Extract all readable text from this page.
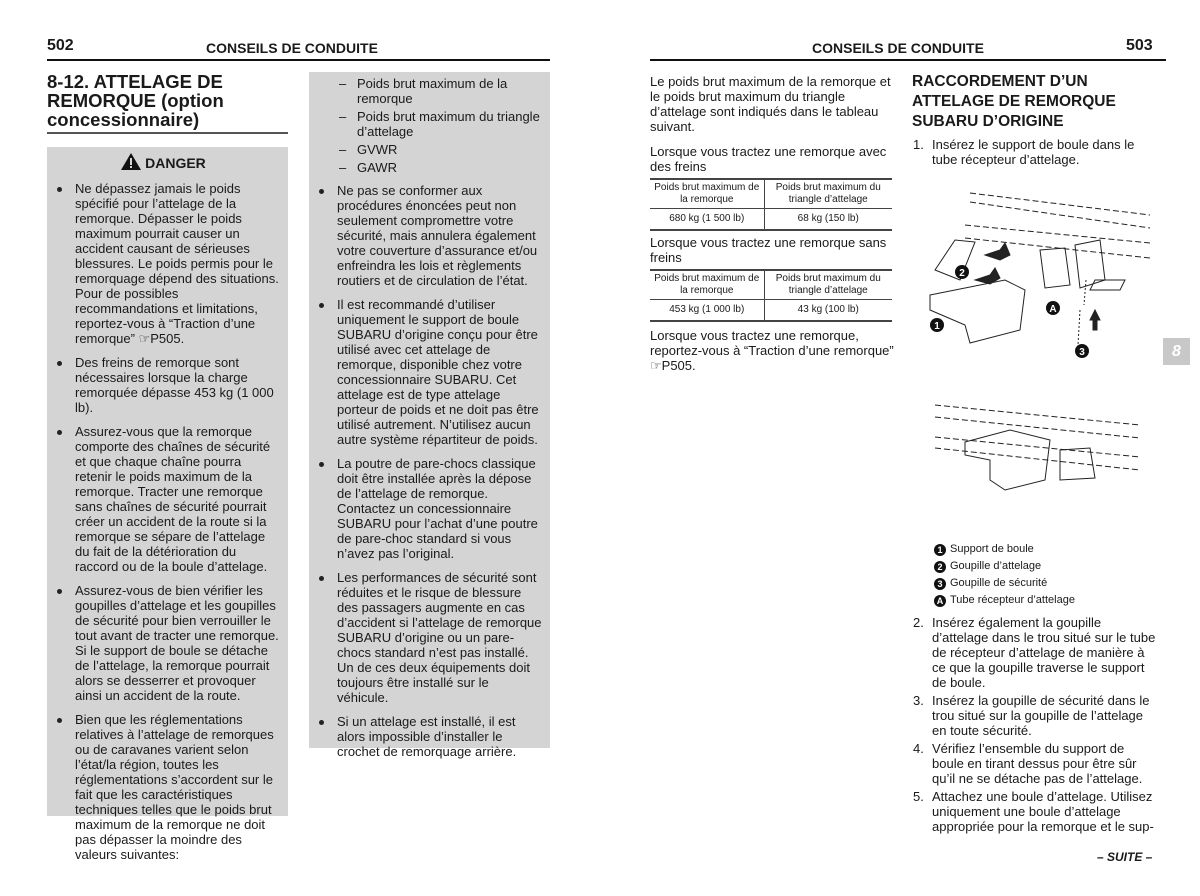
502	CONSEILS DE CONDUITE
8-12. ATTELAGE DE REMORQUE (option concessionnaire)
DANGER
Ne dépassez jamais le poids spécifié pour l’attelage de la remorque. Dépasser le poids maximum pourrait causer un accident causant de sérieuses blessures. Le poids permis pour le remorquage dépend des situations. Pour de possibles recommandations et limitations, reportez-vous à “Traction d’une remorque” ☞P505.
Des freins de remorque sont nécessaires lorsque la charge remorquée dépasse 453 kg (1 000 lb).
Assurez-vous que la remorque comporte des chaînes de sécurité et que chaque chaîne pourra retenir le poids maximum de la remorque. Tracter une remorque sans chaînes de sécurité pourrait créer un accident de la route si la remorque se sépare de l’attelage du fait de la détérioration du raccord ou de la boule d’attelage.
Assurez-vous de bien vérifier les goupilles d’attelage et les goupilles de sécurité pour bien verrouiller le tout avant de tracter une remorque. Si le support de boule se détache de l’attelage, la remorque pourrait alors se desserrer et provoquer ainsi un accident de la route.
Bien que les réglementations relatives à l’attelage de remorques ou de caravanes varient selon l’état/la région, toutes les réglementations s’accordent sur le fait que les caractéristiques techniques telles que le poids brut maximum de la remorque ne doit pas dépasser la moindre des valeurs suivantes:
– Poids brut maximum de la remorque
– Poids brut maximum du triangle d’attelage
– GVWR
– GAWR
Ne pas se conformer aux procédures énoncées peut non seulement compromettre votre sécurité, mais annulera également votre couverture d’assurance et/ou enfreindra les lois et règlements routiers et de circulation de l’état.
Il est recommandé d’utiliser uniquement le support de boule SUBARU d’origine conçu pour être utilisé avec cet attelage de remorque, disponible chez votre concessionnaire SUBARU. Cet attelage est de type attelage porteur de poids et ne doit pas être utilisé autrement. N’utilisez aucun autre système répartiteur de poids.
La poutre de pare-chocs classique doit être installée après la dépose de l’attelage de remorque. Contactez un concessionnaire SUBARU pour l’achat d’une poutre de pare-choc standard si vous n’avez pas l’original.
Les performances de sécurité sont réduites et le risque de blessure des passagers augmente en cas d’accident si l’attelage de remorque SUBARU d’origine ou un pare-chocs standard n’est pas installé. Un de ces deux équipements doit toujours être installé sur le véhicule.
Si un attelage est installé, il est alors impossible d’installer le crochet de remorquage arrière.
CONSEILS DE CONDUITE	503

Le poids brut maximum de la remorque et le poids brut maximum du triangle d’attelage sont indiqués dans le tableau suivant.

Lorsque vous tractez une remorque avec des freins
Poids brut maximum de la remorque	Poids brut maximum du triangle d’attelage
680 kg (1 500 lb)	68 kg (150 lb)
Lorsque vous tractez une remorque sans freins
Poids brut maximum de la remorque	Poids brut maximum du triangle d’attelage
453 kg (1 000 lb)	43 kg (100 lb)

Lorsque vous tractez une remorque, reportez-vous à “Traction d’une remorque” ☞P505.

RACCORDEMENT D’UN ATTELAGE DE REMORQUE SUBARU D’ORIGINE
1. Insérez le support de boule dans le tube récepteur d’attelage.
1
2
3
A
1 Support de boule
2 Goupille d’attelage
3 Goupille de sécurité
A Tube récepteur d’attelage
2. Insérez également la goupille d’attelage dans le trou situé sur le tube de récepteur d’attelage de manière à ce que la goupille traverse le support de boule.
3. Insérez la goupille de sécurité dans le trou situé sur la goupille de l’attelage en toute sécurité.
4. Vérifiez l’ensemble du support de boule en tirant dessus pour être sûr qu’il ne se détache pas de l’attelage.
5. Attachez une boule d’attelage. Utilisez uniquement une boule d’attelage appropriée pour la remorque et le sup-
– SUITE –
8
